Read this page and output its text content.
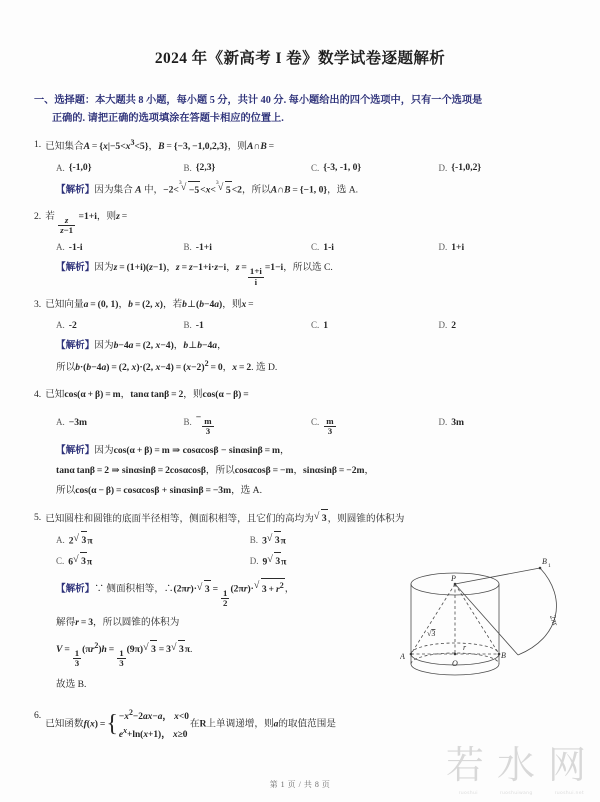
2024 年《新高考 I 卷》数学试卷逐题解析
一、选择题：本大题共 8 小题，每小题 5 分，共计 40 分. 每小题给出的四个选项中，只有一个选项是
正确的. 请把正确的选项填涂在答题卡相应的位置上.
1. 已知集合$A = \{x|-5<x^3<5\}$，B = {−3, −1,0,2,3}，则A∩B =
A. {-1,0}	B. {2,3}	C. {-3, -1, 0}	D. {-1,0,2}
【解析】因为集合 A 中，−2< √ −5 3<x< √ 5 3<2，所以A∩B = {−1, 0}，选 A.
2. 若 $\frac{z}{z-1} =1+i$，则z =
A. -1-i	B. -1+i	C. 1-i	D. 1+i
【解析】因为z = (1+i)(z−1)，z = z−1+i·z−i，$z = \frac{1+i}{i} =1-i$，所以选 C.
3. 已知向量a = (0, 1)，b = (2, x)，若b⊥(b−4a)，则x =
A. -2	B. -1	C. 1	D. 2
【解析】因为b−4a = (2, x−4)，b⊥b−4a，
所以b·(b−4a) = (2, x)·(2, $x-4) = (x-2)^2 = 0$，x = 2. 选 D.
4. 已知cos(α + β) = m，tanα tanβ = 2，则cos(α − β) =
A. −3m	B. − $\frac{m}{3}$	C. $\frac{m}{3}$	D. 3m
【解析】因为cos(α + β) = m ⇒ cosαcosβ − sinαsinβ = m，
tanα tanβ = 2 ⇒ sinαsinβ = 2cosαcosβ，所以cosαcosβ = −m，sinαsinβ = −2m，
所以cos(α − β) = cosαcosβ + sinαsinβ = −3m，选 A.
5. 已知圆柱和圆锥的底面半径相等，侧面积相等，且它们的高均为 √ 3，则圆锥的体积为
A. 2 √ 3π	B. 3 √ 3π
C. 6 √ 3π	D. 9 √ 3π
【解析】∵ 侧面积相等，∴(2πr)· √ $3 = \frac{1}{2} (2\pi r)\cdot$ √ $3 + r^2$，
解得r = 3，所以圆锥的体积为
$V = \frac{1}{3} (\pi r^2)h = \frac{1}{3} (9\pi)$ √ 3 = 3 √ 3π.
故选 B.
6.
已知函数f(x) = { $-x^2-2ax-a$， x<0
$e^x+\ln(x+1)$， x≥0
在R上单调递增，则a的取值范围是
P
B 1
A	B
O
r
2πr
√3
第 1 页 / 共 8 页	若 水 网
ruoshui	ruoshuiwang	ruoshui.net
